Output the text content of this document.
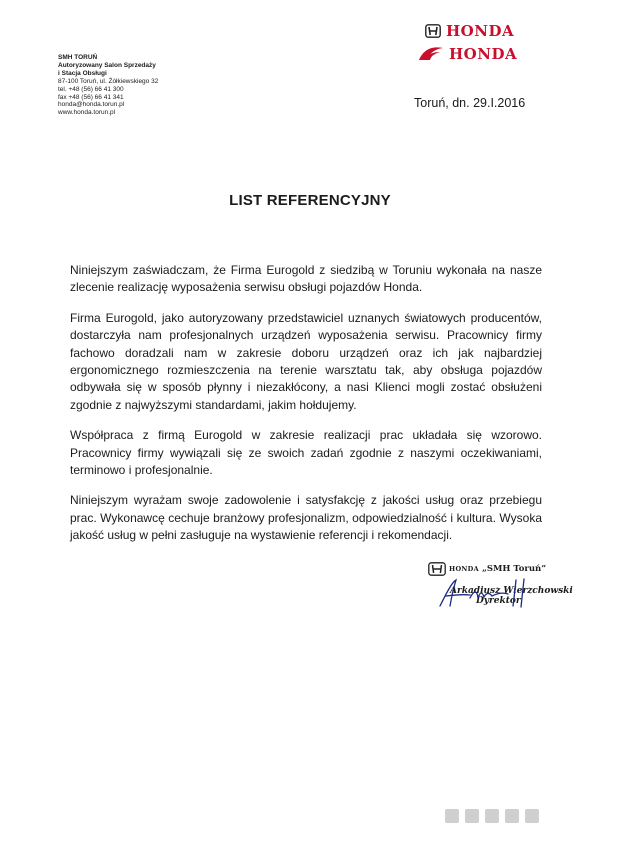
HONDA
HONDA
SMH TORUŃ
Autoryzowany Salon Sprzedaży
i Stacja Obsługi
87-100 Toruń, ul. Żółkiewskiego 32
tel. +48 (56) 66 41 300
fax +48 (56) 66 41 341
honda@honda.torun.pl
www.honda.torun.pl
Toruń, dn. 29.I.2016
LIST REFERENCYJNY

Niniejszym zaświadczam, że Firma Eurogold z siedzibą w Toruniu wykonała na nasze zlecenie realizację wyposażenia serwisu obsługi pojazdów Honda.

Firma Eurogold, jako autoryzowany przedstawiciel uznanych światowych producentów, dostarczyła nam profesjonalnych urządzeń wyposażenia serwisu. Pracownicy firmy fachowo doradzali nam w zakresie doboru urządzeń oraz ich jak najbardziej ergonomicznego rozmieszczenia na terenie warsztatu tak, aby obsługa pojazdów odbywała się w sposób płynny i niezakłócony, a nasi Klienci mogli zostać obsłużeni zgodnie z najwyższymi standardami, jakim hołdujemy.

Współpraca z firmą Eurogold w zakresie realizacji prac układała się wzorowo. Pracownicy firmy wywiązali się ze swoich zadań zgodnie z naszymi oczekiwaniami, terminowo i profesjonalnie.

Niniejszym wyrażam swoje zadowolenie i satysfakcję z jakości usług oraz przebiegu prac. Wykonawcę cechuje branżowy profesjonalizm, odpowiedzialność i kultura. Wysoka jakość usług w pełni zasługuje na wystawienie referencji i rekomendacji.

HONDA „SMH Toruń”
Arkadiusz Wierzchowski
Dyrektor
